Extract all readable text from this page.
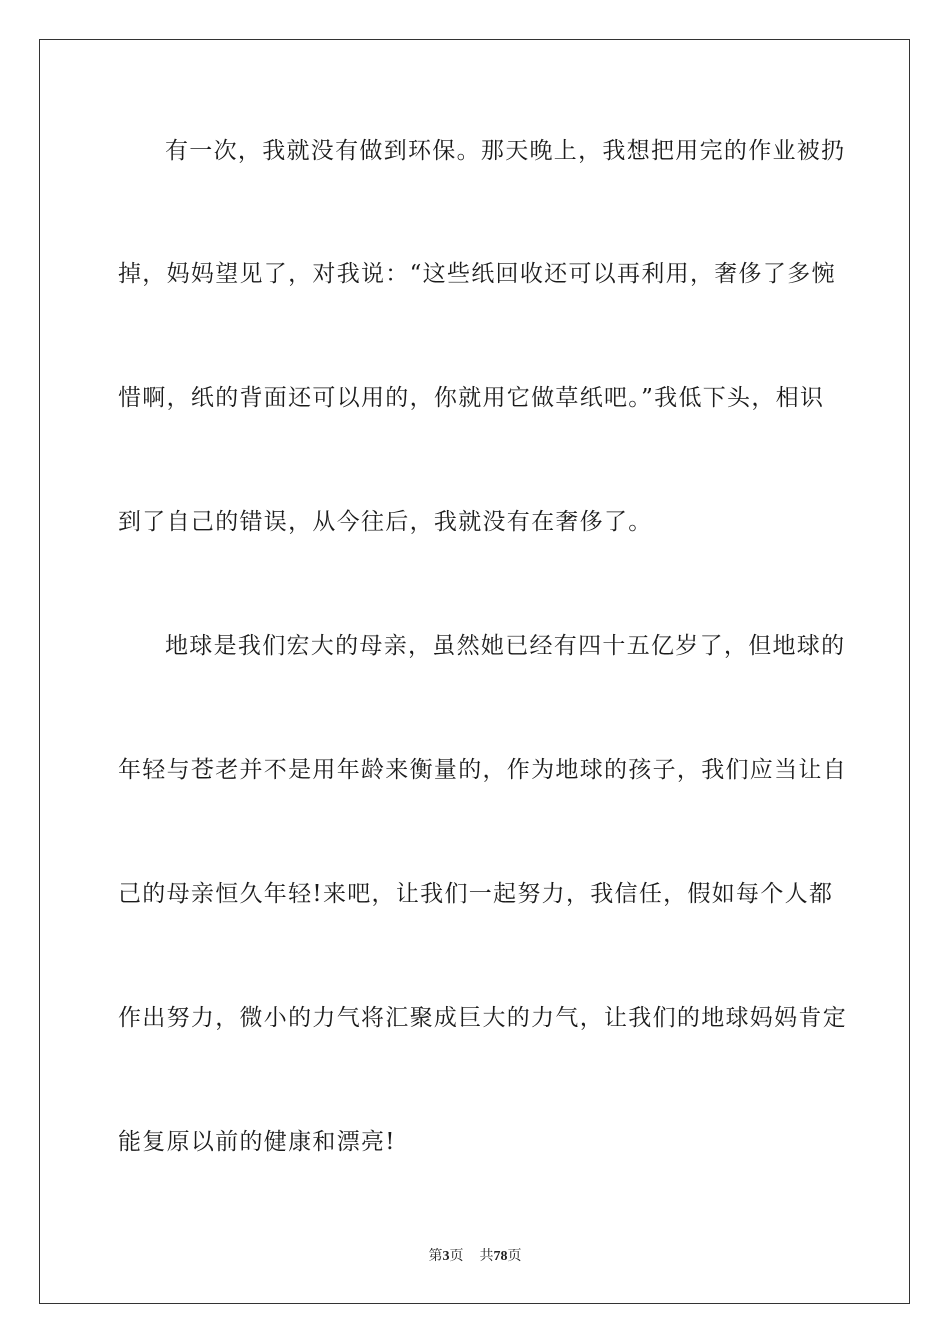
有一次，我就没有做到环保。那天晚上，我想把用完的作业被扔
掉，妈妈望见了，对我说：“这些纸回收还可以再利用，奢侈了多惋
惜啊，纸的背面还可以用的，你就用它做草纸吧。”我低下头，相识
到了自己的错误，从今往后，我就没有在奢侈了。
地球是我们宏大的母亲，虽然她已经有四十五亿岁了，但地球的
年轻与苍老并不是用年龄来衡量的，作为地球的孩子，我们应当让自
己的母亲恒久年轻!来吧，让我们一起努力，我信任，假如每个人都
作出努力，微小的力气将汇聚成巨大的力气，让我们的地球妈妈肯定
能复原以前的健康和漂亮!
第3页 共78页
